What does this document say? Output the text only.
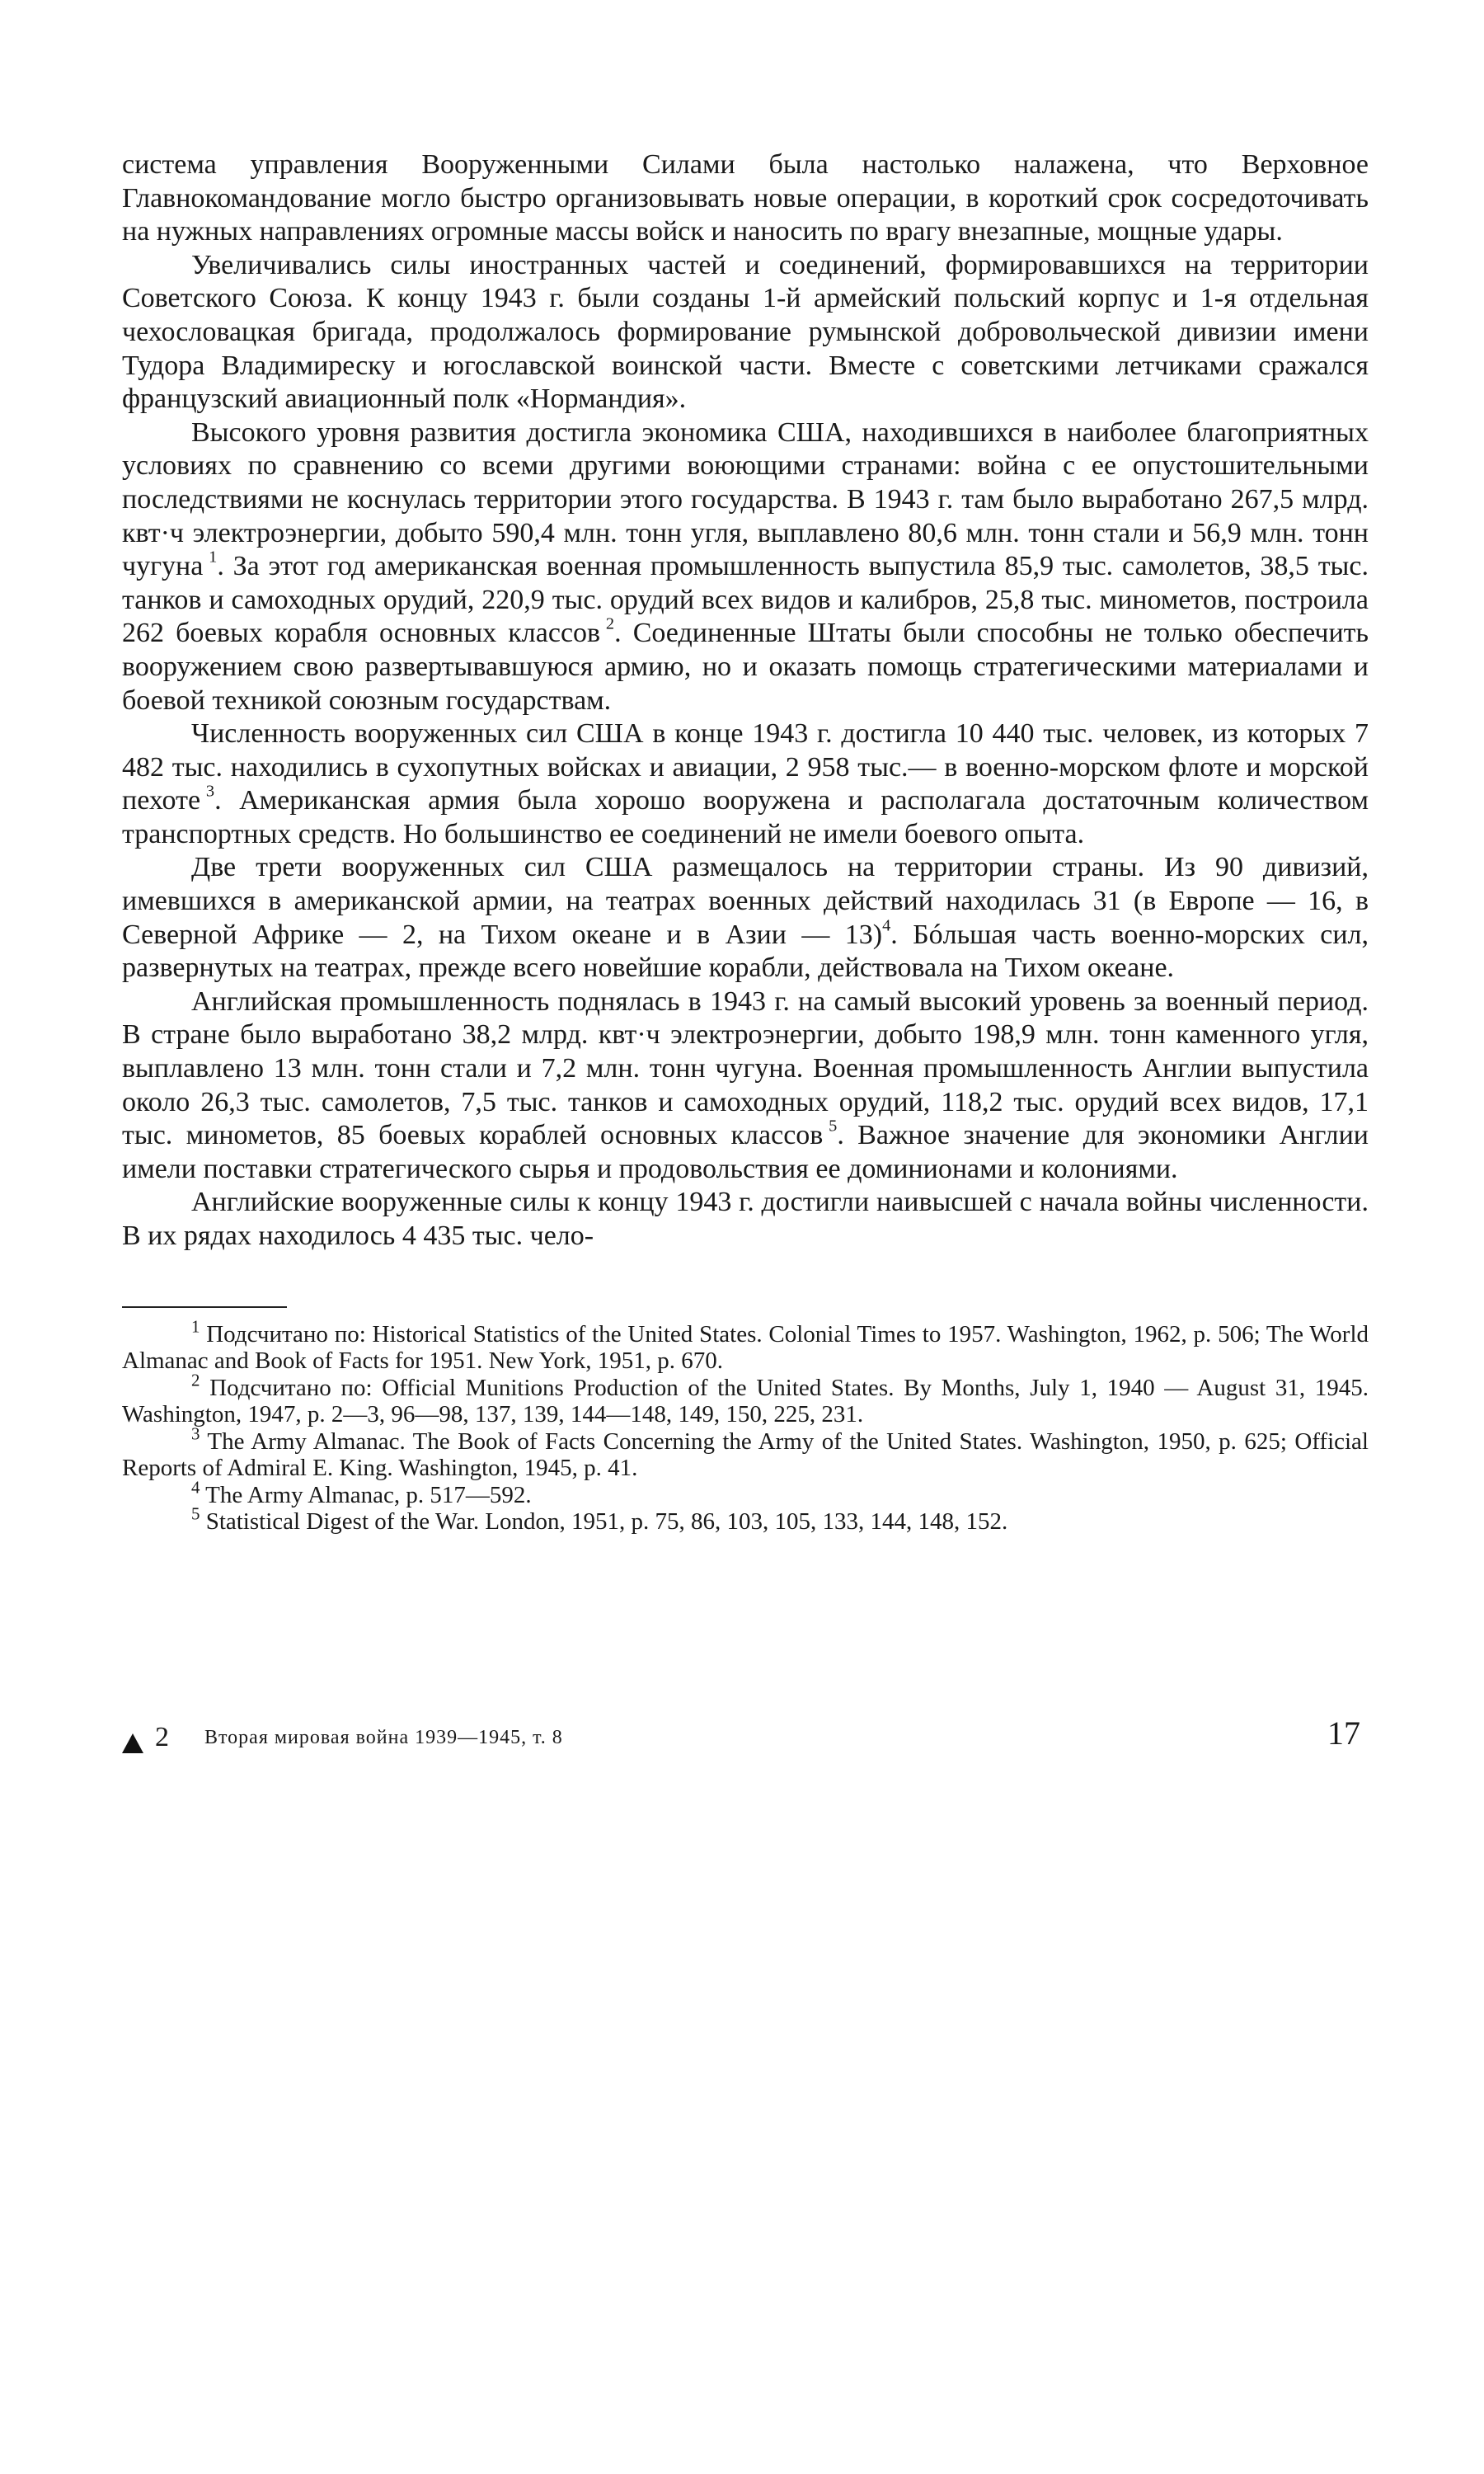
система управления Вооруженными Силами была настолько налажена, что Верховное Главнокомандование могло быстро организовывать новые операции, в короткий срок сосредоточивать на нужных направлениях огромные массы войск и наносить по врагу внезапные, мощные удары.

Увеличивались силы иностранных частей и соединений, формировавшихся на территории Советского Союза. К концу 1943 г. были созданы 1-й армейский польский корпус и 1-я отдельная чехословацкая бригада, продолжалось формирование румынской добровольческой дивизии имени Тудора Владимиреску и югославской воинской части. Вместе с советскими летчиками сражался французский авиационный полк «Нормандия».

Высокого уровня развития достигла экономика США, находившихся в наиболее благоприятных условиях по сравнению со всеми другими воюющими странами: война с ее опустошительными последствиями не коснулась территории этого государства. В 1943 г. там было выработано 267,5 млрд. квт·ч электроэнергии, добыто 590,4 млн. тонн угля, выплавлено 80,6 млн. тонн стали и 56,9 млн. тонн чугуна  $^1$. За этот год американская военная промышленность выпустила 85,9 тыс. самолетов, 38,5 тыс. танков и самоходных орудий, 220,9 тыс. орудий всех видов и калибров, 25,8 тыс. минометов, построила 262 боевых корабля основных классов  $^2$. Соединенные Штаты были способны не только обеспечить вооружением свою развертывавшуюся армию, но и оказать помощь стратегическими материалами и боевой техникой союзным государствам.

Численность вооруженных сил США в конце 1943 г. достигла 10 440 тыс. человек, из которых 7 482 тыс. находились в сухопутных войсках и авиации, 2 958 тыс.— в военно-морском флоте и морской пехоте  $^3$. Американская армия была хорошо вооружена и располагала достаточным количеством транспортных средств. Но большинство ее соединений не имели боевого опыта.

Две трети вооруженных сил США размещалось на территории страны. Из 90 дивизий, имевшихся в американской армии, на театрах военных действий находилась 31 (в Европе — 16, в Северной Африке — 2, на Тихом океане и в Азии — 13)$^4$. Бóльшая часть военно-морских сил, развернутых на театрах, прежде всего новейшие корабли, действовала на Тихом океане.

Английская промышленность поднялась в 1943 г. на самый высокий уровень за военный период. В стране было выработано 38,2 млрд. квт·ч электроэнергии, добыто 198,9 млн. тонн каменного угля, выплавлено 13 млн. тонн стали и 7,2 млн. тонн чугуна. Военная промышленность Англии выпустила около 26,3 тыс. самолетов, 7,5 тыс. танков и самоходных орудий, 118,2 тыс. орудий всех видов, 17,1 тыс. минометов, 85 боевых кораблей основных классов  $^5$. Важное значение для экономики Англии имели поставки стратегического сырья и продовольствия ее доминионами и колониями.

Английские вооруженные силы к концу 1943 г. достигли наивысшей с начала войны численности. В их рядах находилось 4 435 тыс. чело-

$^1$ Подсчитано по: Historical Statistics of the United States. Colonial Times to 1957. Washington, 1962, p. 506; The World Almanac and Book of Facts for 1951. New York, 1951, p. 670.

$^2$ Подсчитано по: Official Munitions Production of the United States. By Months, July 1, 1940 — August 31, 1945. Washington, 1947, p. 2—3, 96—98, 137, 139, 144—148, 149, 150, 225, 231.

$^3$ The Army Almanac. The Book of Facts Concerning the Army of the United States. Washington, 1950, p. 625; Official Reports of Admiral E. King. Washington, 1945, p. 41.

$^4$ The Army Almanac, p. 517—592.

$^5$ Statistical Digest of the War. London, 1951, p. 75, 86, 103, 105, 133, 144, 148, 152.

2 Вторая мировая война 1939—1945, т. 8	17
